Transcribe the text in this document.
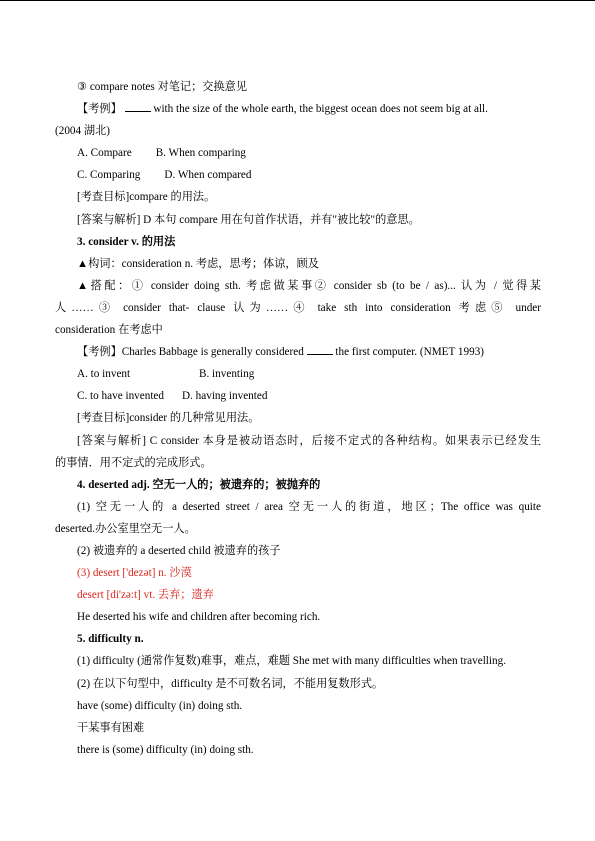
③ compare notes 对笔记；交换意见
【考例】  with the size of the whole earth, the biggest ocean does not seem big at all.
(2004 湖北)
A. Compare B. When comparing
C. Comparing D. When compared
[考查目标]compare 的用法。
[答案与解析] D 本句 compare 用在句首作状语，并有"被比较"的意思。
3. consider v. 的用法
▲构词：consideration n. 考虑，思考；体谅，顾及
▲搭配：① consider doing sth. 考虑做某事② consider sb (to be / as)... 认为 / 觉得某
人……③ consider that- clause 认为……④ take sth into consideration 考虑⑤ under
consideration 在考虑中
【考例】Charles Babbage is generally considered  the first computer. (NMET 1993)
A. to invent	B. inventing
C. to have invented D. having invented
[考查目标]consider 的几种常见用法。
[答案与解析] C consider 本身是被动语态时，后接不定式的各种结构。如果表示已经发生
的事情．用不定式的完成形式。
4. deserted adj. 空无一人的；被遗弃的；被抛弃的
(1) 空无一人的 a deserted street / area 空无一人的街道，地区；The office was quite
deserted.办公室里空无一人。
(2) 被遗弃的 a deserted child 被遗弃的孩子
(3) desert ['dezət] n. 沙漠
desert [di'zə:t] vt. 丢弃；遗弃
He deserted his wife and children after becoming rich.
5. difficulty n.
(1) difficulty (通常作复数)难事，难点，难题 She met with many difficulties when travelling.
(2) 在以下句型中，difficulty 是不可数名词，不能用复数形式。
have (some) difficulty (in) doing sth.
干某事有困难
there is (some) difficulty (in) doing sth.
